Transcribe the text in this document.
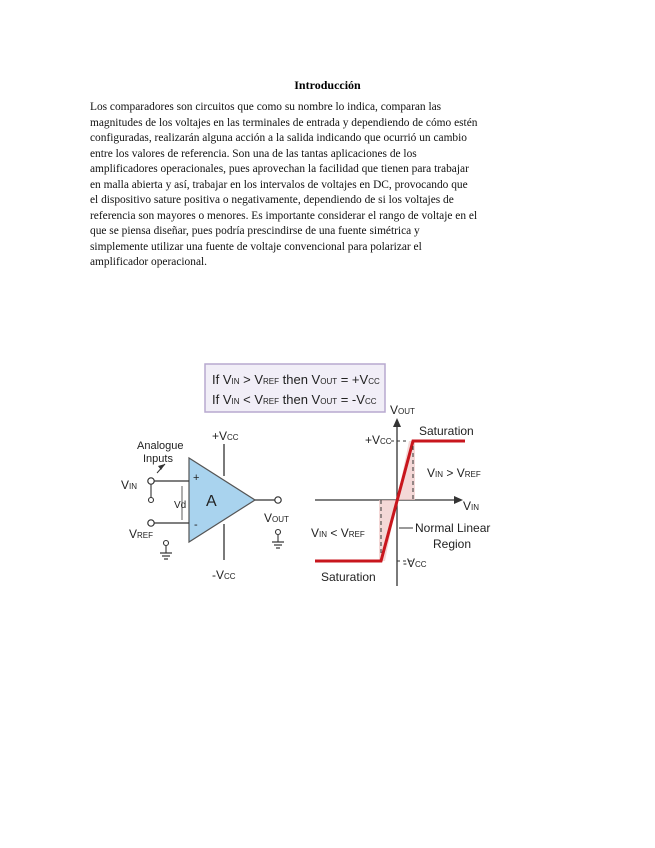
Introducción
Los comparadores son circuitos que como su nombre lo indica, comparan las
magnitudes de los voltajes en las terminales de entrada y dependiendo de cómo estén
configuradas, realizarán alguna acción a la salida indicando que ocurrió un cambio
entre los valores de referencia. Son una de las tantas aplicaciones de los
amplificadores operacionales, pues aprovechan la facilidad que tienen para trabajar
en malla abierta y así, trabajar en los intervalos de voltajes en DC, provocando que
el dispositivo sature positiva o negativamente, dependiendo de si los voltajes de
referencia son mayores o menores. Es importante considerar el rango de voltaje en el
que se piensa diseñar, pues podría prescindirse de una fuente simétrica y
simplemente utilizar una fuente de voltaje convencional para polarizar el
amplificador operacional.
If VIN > VREF then VOUT = +VCC
If VIN < VREF then VOUT = -VCC
Analogue
Inputs
+VCC
-VCC
A
+
-
Vd
VIN
VREF
VOUT
VOUT
VIN
+VCC
-VCC
Saturation
Saturation
VIN > VREF
VIN < VREF	Normal Linear
Region
